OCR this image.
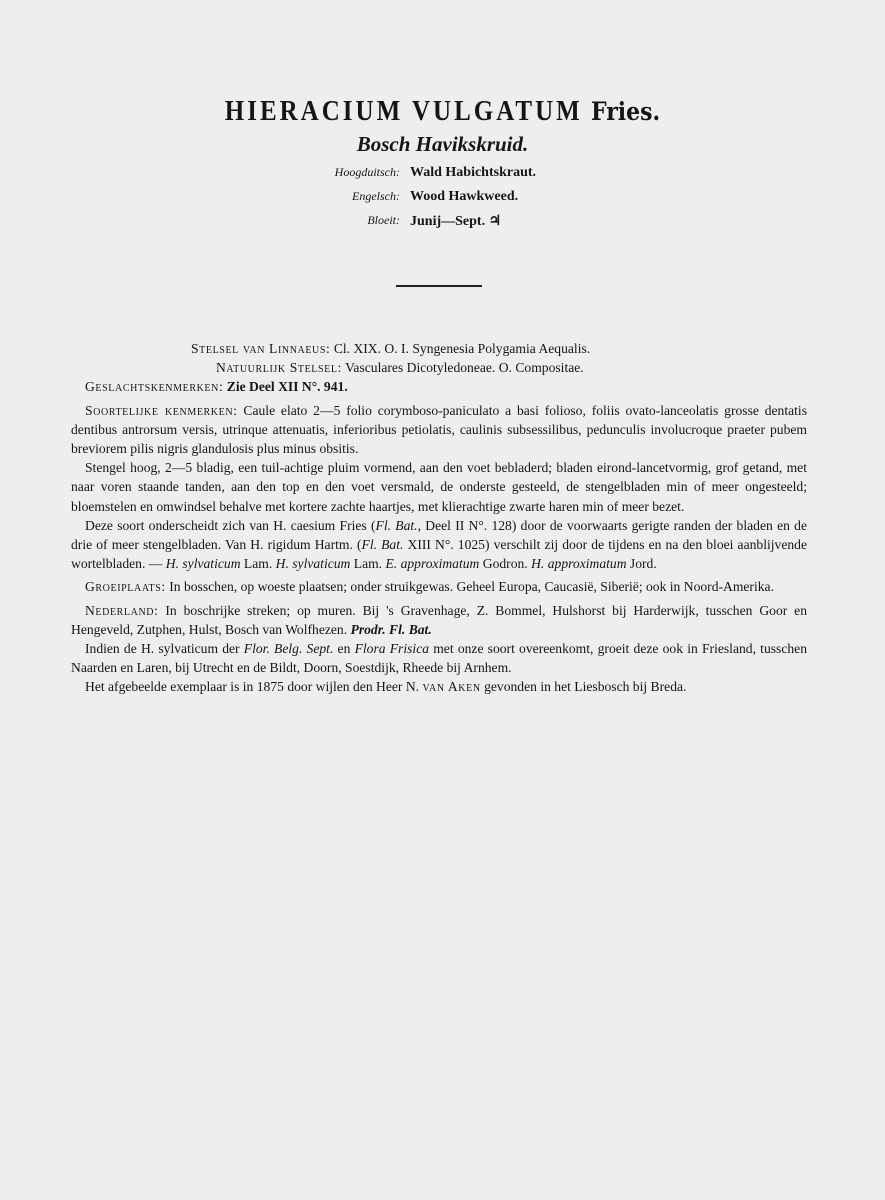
HIERACIUM VULGATUM Fries.
Bosch Havikskruid.
Hoogduitsch: Wald Habichtskraut.
Engelsch: Wood Hawkweed.
Bloeit: Junij—Sept. ♃

Stelsel van Linnaeus: Cl. XIX. O. I. Syngenesia Polygamia Aequalis.

Natuurlijk Stelsel: Vasculares Dicotyledoneae. O. Compositae.

Geslachtskenmerken: Zie Deel XII N°. 941.

Soortelijke kenmerken: Caule elato 2—5 folio corymboso-paniculato a basi folioso, foliis ovato-lanceolatis grosse dentatis dentibus antrorsum versis, utrinque attenuatis, inferioribus petiolatis, caulinis subsessilibus, pedunculis involucroque praeter pubem breviorem pilis nigris glandulosis plus minus obsitis.

Stengel hoog, 2—5 bladig, een tuil-achtige pluim vormend, aan den voet bebladerd; bladen eirond-lancetvormig, grof getand, met naar voren staande tanden, aan den top en den voet versmald, de onderste gesteeld, de stengelbladen min of meer ongesteeld; bloemstelen en omwindsel behalve met kortere zachte haartjes, met klierachtige zwarte haren min of meer bezet.

Deze soort onderscheidt zich van H. caesium Fries (Fl. Bat., Deel II N°. 128) door de voorwaarts gerigte randen der bladen en de drie of meer stengelbladen. Van H. rigidum Hartm. (Fl. Bat. XIII N°. 1025) verschilt zij door de tijdens en na den bloei aanblijvende wortelbladen. — H. sylvaticum Lam. H. sylvaticum Lam. E. approximatum Godron. H. approximatum Jord.

Groeiplaats: In bosschen, op woeste plaatsen; onder struikgewas. Geheel Europa, Caucasië, Siberië; ook in Noord-Amerika.

Nederland: In boschrijke streken; op muren. Bij 's Gravenhage, Z. Bommel, Hulshorst bij Harderwijk, tusschen Goor en Hengeveld, Zutphen, Hulst, Bosch van Wolfhezen. Prodr. Fl. Bat.

Indien de H. sylvaticum der Flor. Belg. Sept. en Flora Frisica met onze soort overeenkomt, groeit deze ook in Friesland, tusschen Naarden en Laren, bij Utrecht en de Bildt, Doorn, Soestdijk, Rheede bij Arnhem.

Het afgebeelde exemplaar is in 1875 door wijlen den Heer N. van Aken gevonden in het Liesbosch bij Breda.
